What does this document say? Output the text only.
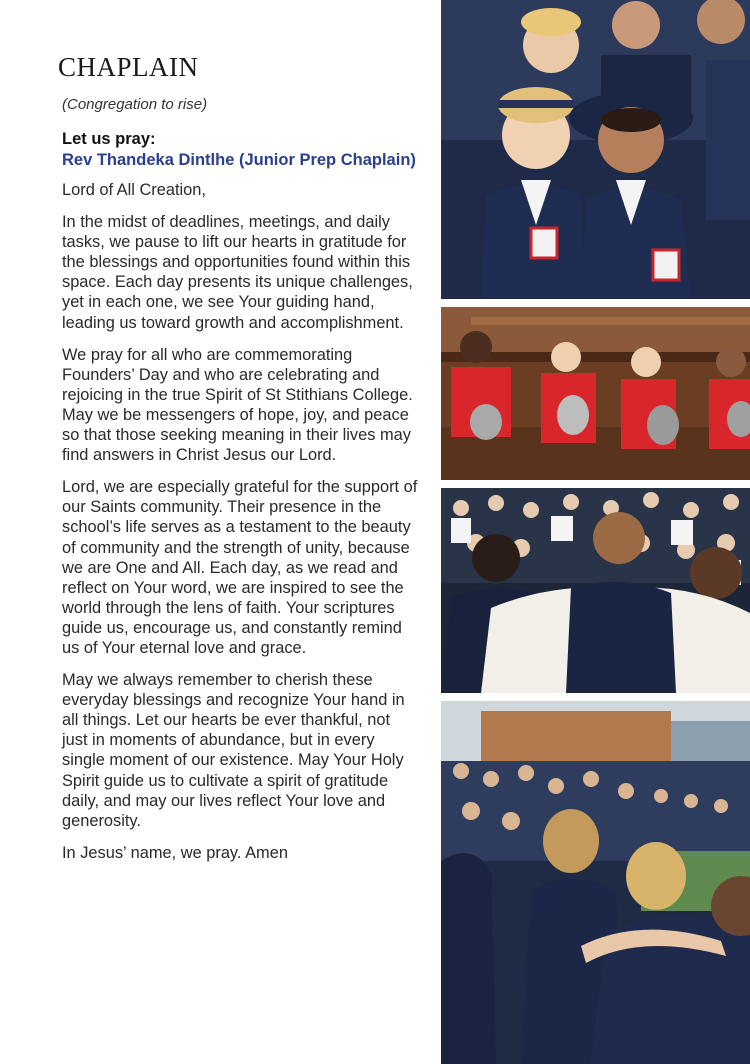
CHAPLAIN

(Congregation to rise)

Let us pray:

Rev Thandeka Dintlhe (Junior Prep Chaplain)

Lord of All Creation,

In the midst of deadlines, meetings, and daily tasks, we pause to lift our hearts in gratitude for the blessings and opportunities found within this space. Each day presents its unique challenges, yet in each one, we see Your guiding hand, leading us toward growth and accomplishment.

We pray for all who are commemorating Founders’ Day and who are celebrating and rejoicing in the true Spirit of St Stithians College. May we be messengers of hope, joy, and peace so that those seeking meaning in their lives may find answers in Christ Jesus our Lord.

Lord, we are especially grateful for the support of our Saints community. Their presence in the school’s life serves as a testament to the beauty of community and the strength of unity, because we are One and All. Each day, as we read and reflect on Your word, we are inspired to see the world through the lens of faith. Your scriptures guide us, encourage us, and constantly remind us of Your eternal love and grace.

May we always remember to cherish these everyday blessings and recognize Your hand in all things. Let our hearts be ever thankful, not just in moments of abundance, but in every single moment of our existence. May Your Holy Spirit guide us to cultivate a spirit of gratitude daily, and may our lives reflect Your love and generosity.

In Jesus’ name, we pray. Amen
